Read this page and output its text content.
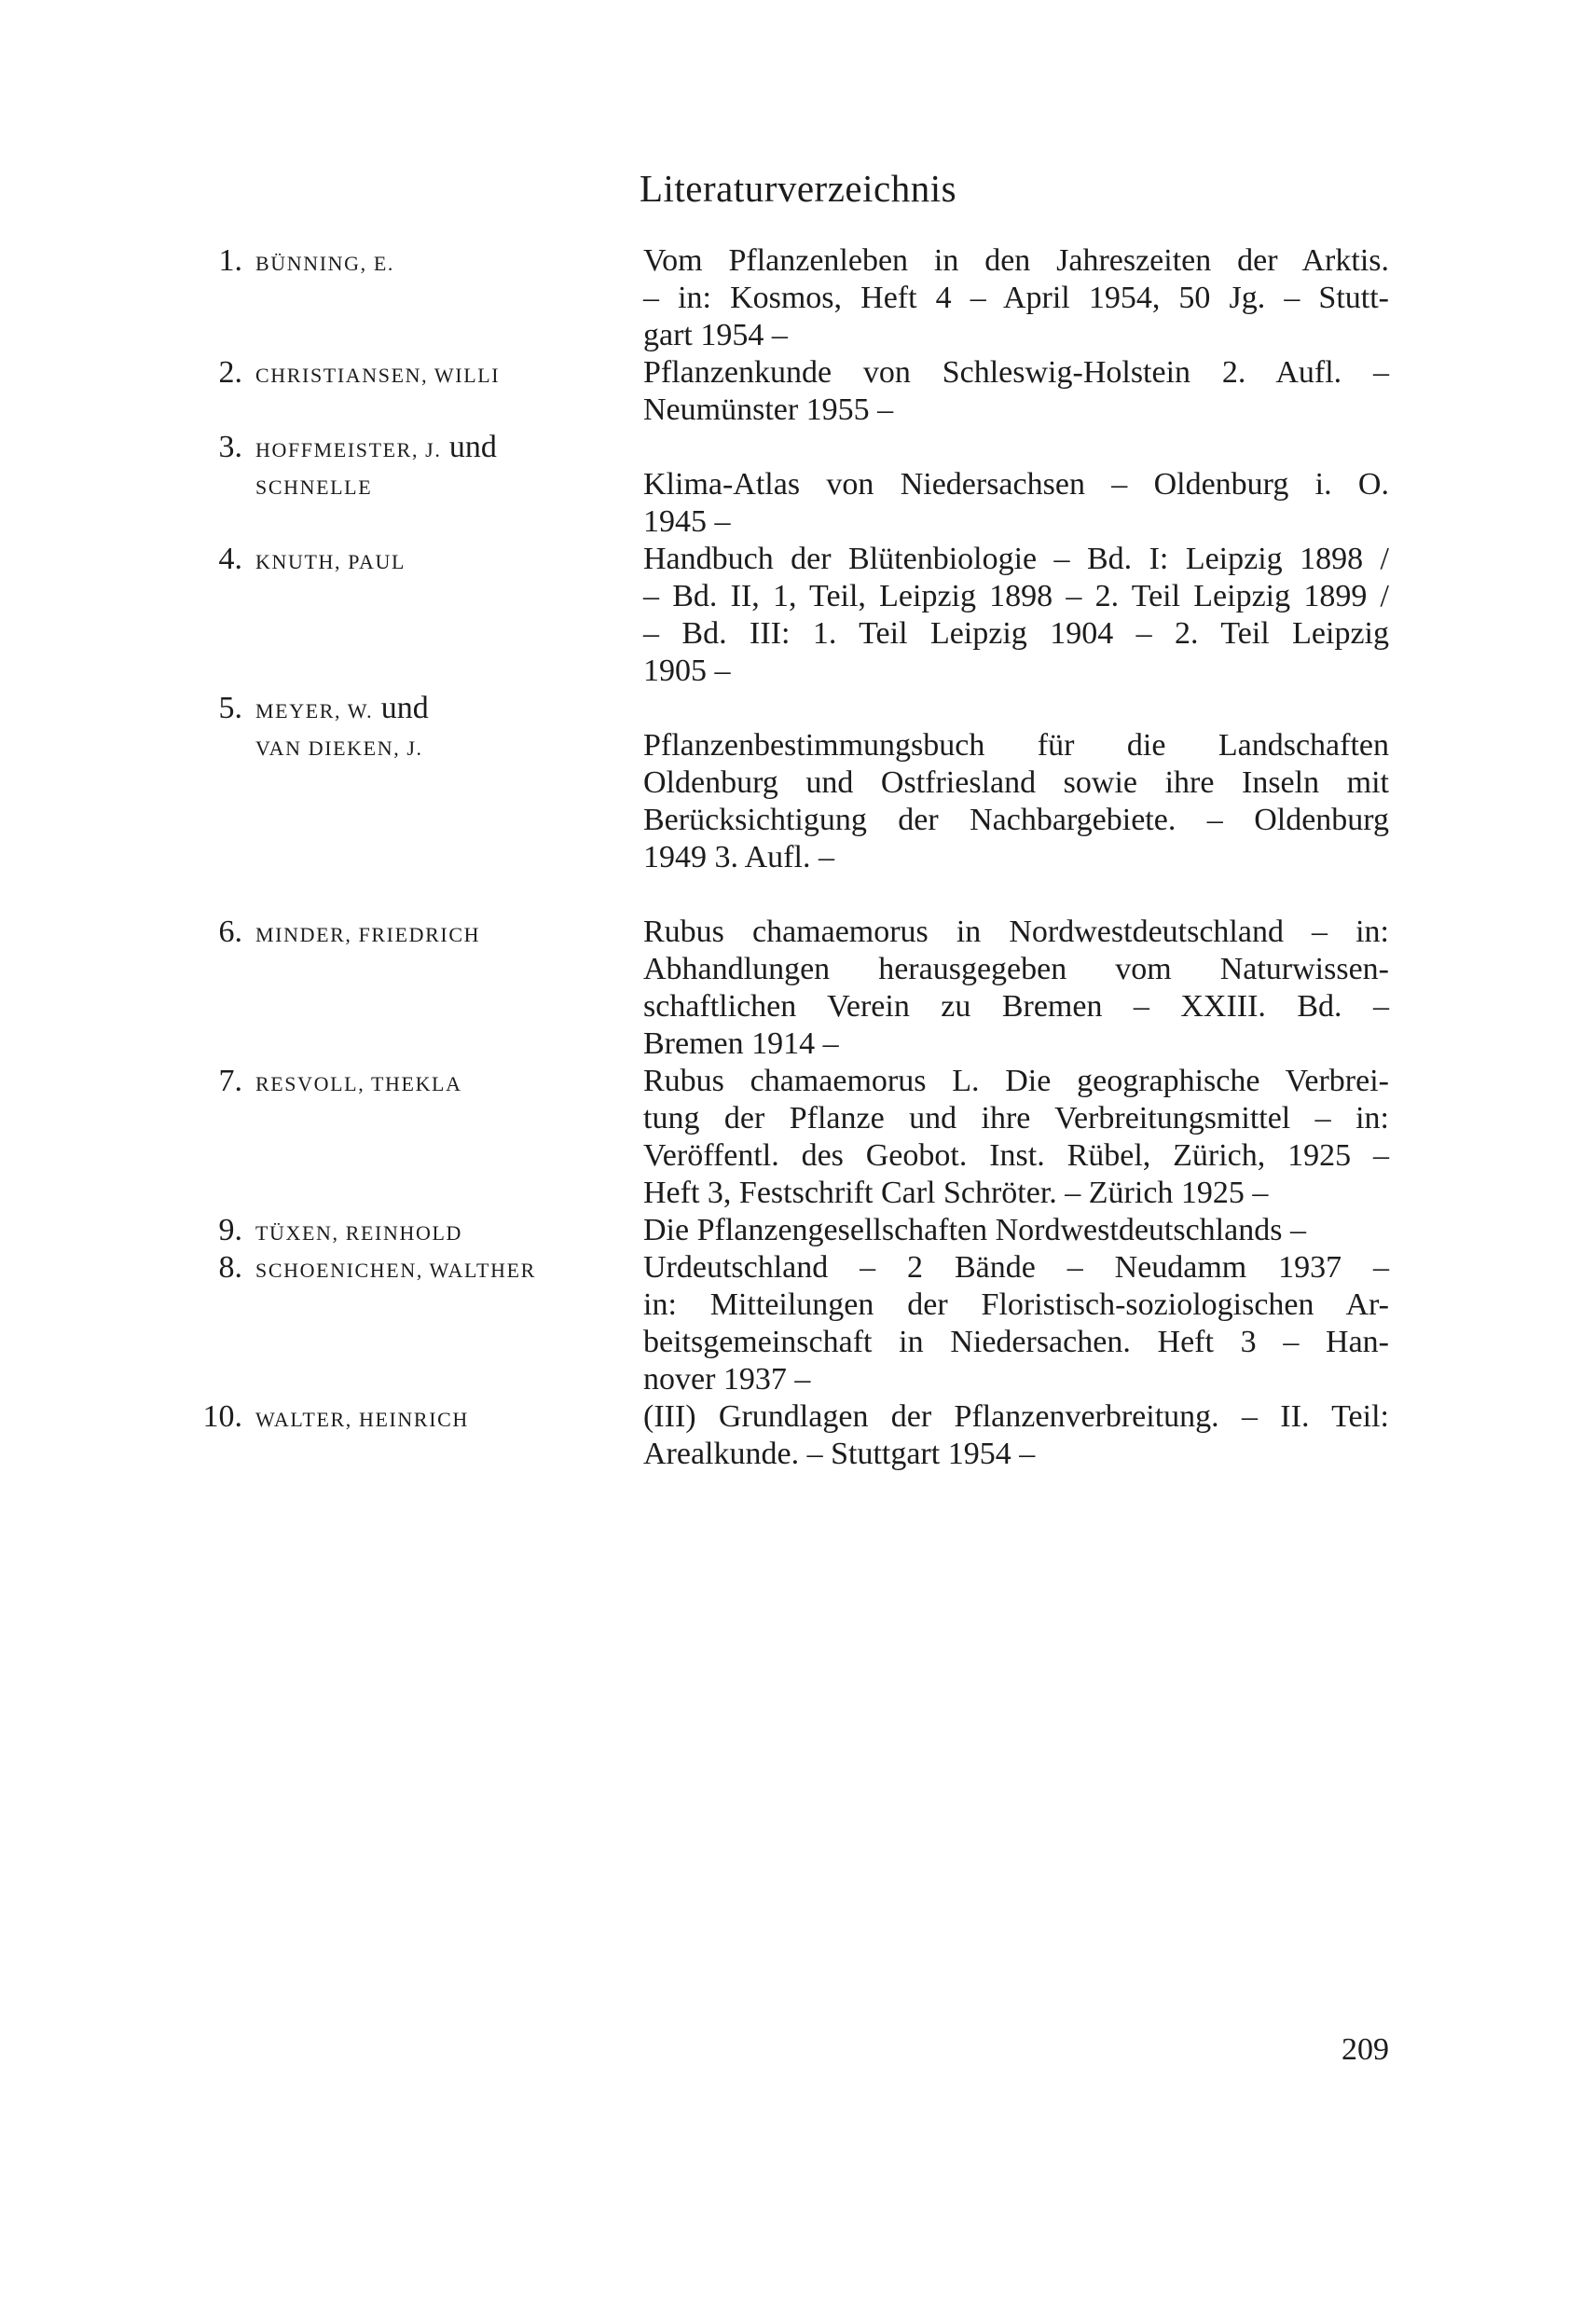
Literaturverzeichnis
1. BÜNNING, E.	Vom Pflanzenleben in den Jahreszeiten der Arktis.
– in: Kosmos, Heft 4 – April 1954, 50 Jg. – Stutt-
gart 1954 –
2. CHRISTIANSEN, WILLI	Pflanzenkunde von Schleswig-Holstein 2. Aufl. –
Neumünster 1955 –
3. HOFFMEISTER, J. und
SCHNELLE	Klima-Atlas von Niedersachsen – Oldenburg i. O.
1945 –
4. KNUTH, PAUL	Handbuch der Blütenbiologie – Bd. I: Leipzig 1898 /
– Bd. II, 1, Teil, Leipzig 1898 – 2. Teil Leipzig 1899 /
– Bd. III: 1. Teil Leipzig 1904 – 2. Teil Leipzig
1905 –
5. MEYER, W. und
VAN DIEKEN, J.	Pflanzenbestimmungsbuch für die Landschaften
Oldenburg und Ostfriesland sowie ihre Inseln mit
Berücksichtigung der Nachbargebiete. – Oldenburg
1949 3. Aufl. –
6. MINDER, FRIEDRICH	Rubus chamaemorus in Nordwestdeutschland – in:
Abhandlungen herausgegeben vom Naturwissen-
schaftlichen Verein zu Bremen – XXIII. Bd. –
Bremen 1914 –
7. RESVOLL, THEKLA	Rubus chamaemorus L. Die geographische Verbrei-
tung der Pflanze und ihre Verbreitungsmittel – in:
Veröffentl. des Geobot. Inst. Rübel, Zürich, 1925 –
Heft 3, Festschrift Carl Schröter. – Zürich 1925 –
9. TÜXEN, REINHOLD	Die Pflanzengesellschaften Nordwestdeutschlands –
8. SCHOENICHEN, WALTHER	Urdeutschland – 2 Bände – Neudamm 1937 –
in: Mitteilungen der Floristisch-soziologischen Ar-
beitsgemeinschaft in Niedersachen. Heft 3 – Han-
nover 1937 –
10. WALTER, HEINRICH	(III) Grundlagen der Pflanzenverbreitung. – II. Teil:
Arealkunde. – Stuttgart 1954 –
209
